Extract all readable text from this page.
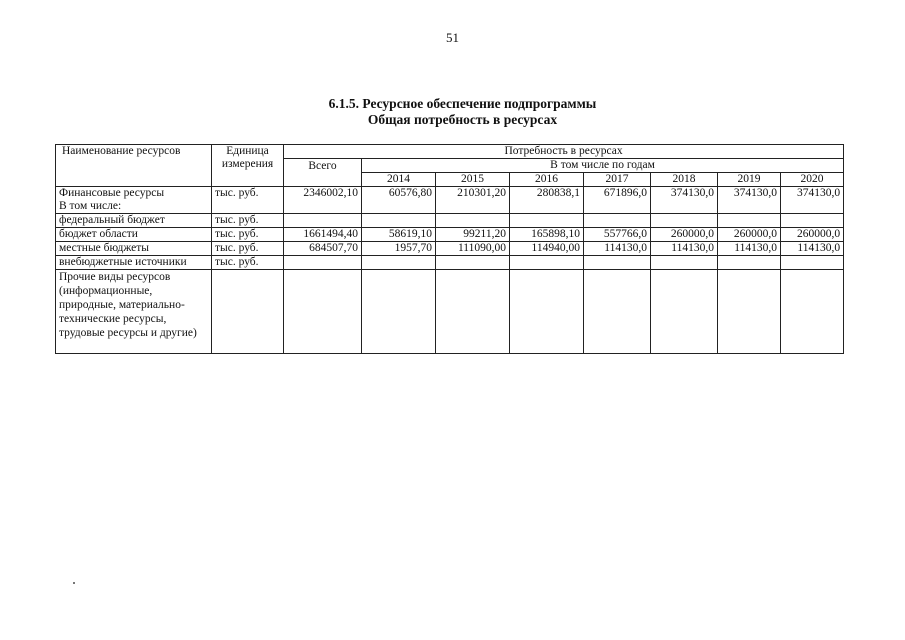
51
6.1.5. Ресурсное обеспечение подпрограммы
Общая потребность в ресурсах
Наименование ресурсов	Единица
измерения	Потребность в ресурсах							
		Всего	В том числе по годам						
			2014	2015	2016	2017	2018	2019	2020

Финансовые ресурсы
В том числе:	тыс. руб.	2346002,10	60576,80	210301,20	280838,1	671896,0	374130,0	374130,0	374130,0
федеральный бюджет	тыс. руб.								
бюджет области	тыс. руб.	1661494,40	58619,10	99211,20	165898,10	557766,0	260000,0	260000,0	260000,0
местные бюджеты	тыс. руб.	684507,70	1957,70	111090,00	114940,00	114130,0	114130,0	114130,0	114130,0
внебюджетные источники	тыс. руб.								
Прочие виды ресурсов (информационные, природные, материально-технические ресурсы, трудовые ресурсы и другие)									
